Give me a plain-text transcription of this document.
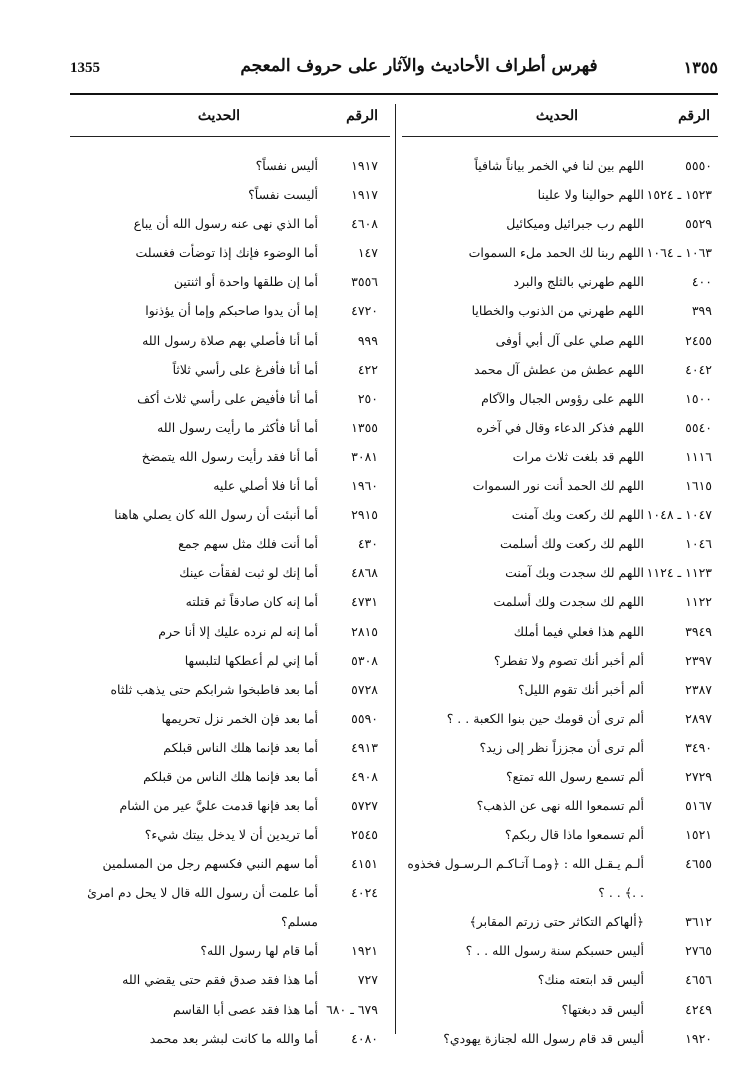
1355	فهرس أطراف الأحاديث والآثار على حروف المعجم	١٣٥٥
الرقم
الحديث
٥٥٥٠
اللهم بين لنا في الخمر بياناً شافياً
١٥٢٣ ـ ١٥٢٤
اللهم حوالينا ولا علينا
٥٥٢٩
اللهم رب جبرائيل وميكائيل
١٠٦٣ ـ ١٠٦٤
اللهم ربنا لك الحمد ملء السموات
٤٠٠
اللهم طهرني بالثلج والبرد
٣٩٩
اللهم طهرني من الذنوب والخطايا
٢٤٥٥
اللهم صلي على آل أبي أوفى
٤٠٤٢
اللهم عطش من عطش آل محمد
١٥٠٠
اللهم على رؤوس الجبال والآكام
٥٥٤٠
اللهم فذكر الدعاء وقال في آخره
١١١٦
اللهم قد بلغت ثلاث مرات
١٦١٥
اللهم لك الحمد أنت نور السموات
١٠٤٧ ـ ١٠٤٨
اللهم لك ركعت وبك آمنت
١٠٤٦
اللهم لك ركعت ولك أسلمت
١١٢٣ ـ ١١٢٤
اللهم لك سجدت وبك آمنت
١١٢٢
اللهم لك سجدت ولك أسلمت
٣٩٤٩
اللهم هذا فعلي فيما أملك
٢٣٩٧
ألم أخبر أنك تصوم ولا تفطر؟
٢٣٨٧
ألم أخبر أنك تقوم الليل؟
٢٨٩٧
ألم ترى أن قومك حين بنوا الكعبة . . ؟
٣٤٩٠
ألم ترى أن مجززاً نظر إلى زيد؟
٢٧٢٩
ألم تسمع رسول الله تمتع؟
٥١٦٧
ألم تسمعوا الله نهى عن الذهب؟
١٥٢١
ألم تسمعوا ماذا قال ربكم؟
٤٦٥٥
ألـم يـقـل الله : ﴿ومـا آتـاكـم الـرسـول فخذوه . .﴾ . . ؟
٣٦١٢
﴿ألهاكم التكاثر حتى زرتم المقابر﴾
٢٧٦٥
أليس حسبكم سنة رسول الله . . ؟
٤٦٥٦
أليس قد ابتعته منك؟
٤٢٤٩
أليس قد دبغتها؟
١٩٢٠
أليس قد قام رسول الله لجنازة يهودي؟
الرقم
الحديث
١٩١٧
أليس نفساً؟
١٩١٧
أليست نفساً؟
٤٦٠٨
أما الذي نهى عنه رسول الله أن يباع
١٤٧
أما الوضوء فإنك إذا توضأت فغسلت
٣٥٥٦
أما إن طلقها واحدة أو اثنتين
٤٧٢٠
إما أن يدوا صاحبكم وإما أن يؤذنوا
٩٩٩
أما أنا فأصلي بهم صلاة رسول الله
٤٢٢
أما أنا فأفرغ على رأسي ثلاثاً
٢٥٠
أما أنا فأفيض على رأسي ثلاث أكف
١٣٥٥
أما أنا فأكثر ما رأيت رسول الله
٣٠٨١
أما أنا فقد رأيت رسول الله يتمضخ
١٩٦٠
أما أنا فلا أصلي عليه
٢٩١٥
أما أنبئت أن رسول الله كان يصلي هاهنا
٤٣٠
أما أنت فلك مثل سهم جمع
٤٨٦٨
أما إنك لو ثبت لفقأت عينك
٤٧٣١
أما إنه كان صادقاً ثم قتلته
٢٨١٥
أما إنه لم نرده عليك إلا أنا حرم
٥٣٠٨
أما إني لم أعطكها لتلبسها
٥٧٢٨
أما بعد فاطبخوا شرابكم حتى يذهب ثلثاه
٥٥٩٠
أما بعد فإن الخمر نزل تحريمها
٤٩١٣
أما بعد فإنما هلك الناس قبلكم
٤٩٠٨
أما بعد فإنما هلك الناس من قبلكم
٥٧٢٧
أما بعد فإنها قدمت عليَّ عير من الشام
٢٥٤٥
أما تريدين أن لا يدخل بيتك شيء؟
٤١٥١
أما سهم النبي فكسهم رجل من المسلمين
٤٠٢٤
أما علمت أن رسول الله قال لا يحل دم امرئ مسلم؟
١٩٢١
أما قام لها رسول الله؟
٧٢٧
أما هذا فقد صدق فقم حتى يقضي الله
٦٧٩ ـ ٦٨٠
أما هذا فقد عصى أبا القاسم
٤٠٨٠
أما والله ما كانت لبشر بعد محمد
